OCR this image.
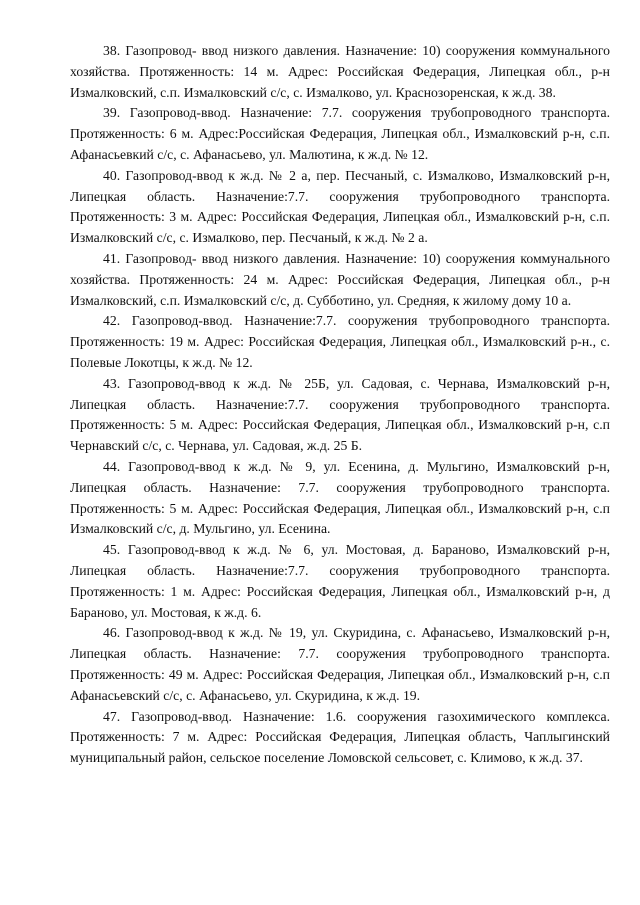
38. Газопровод- ввод низкого давления. Назначение: 10) сооружения коммунального хозяйства. Протяженность: 14 м. Адрес: Российская Федерация, Липецкая обл., р-н Измалковский, с.п. Измалковский с/с, с. Измалково, ул. Краснозоренская, к ж.д. 38.

39. Газопровод-ввод. Назначение: 7.7. сооружения трубопроводного транспорта. Протяженность: 6 м. Адрес:Российская Федерация, Липецкая обл., Измалковский р-н, с.п. Афанасьевкий с/с, с. Афанасьево, ул. Малютина, к ж.д. № 12.

40. Газопровод-ввод к ж.д. № 2 а, пер. Песчаный, с. Измалково, Измалковский р-н, Липецкая область. Назначение:7.7. сооружения трубопроводного транспорта. Протяженность: 3 м. Адрес: Российская Федерация, Липецкая обл., Измалковский р-н, с.п. Измалковский с/с, с. Измалково, пер. Песчаный, к ж.д. № 2 а.

41. Газопровод- ввод низкого давления. Назначение: 10) сооружения коммунального хозяйства. Протяженность: 24 м. Адрес: Российская Федерация, Липецкая обл., р-н Измалковский, с.п. Измалковский с/с, д. Субботино, ул. Средняя, к жилому дому 10 а.

42. Газопровод-ввод. Назначение:7.7. сооружения трубопроводного транспорта. Протяженность: 19 м. Адрес: Российская Федерация, Липецкая обл., Измалковский р-н., с. Полевые Локотцы, к ж.д. № 12.

43. Газопровод-ввод к ж.д. № 25Б, ул. Садовая, с. Чернава, Измалковский р-н, Липецкая область. Назначение:7.7. сооружения трубопроводного транспорта. Протяженность: 5 м. Адрес: Российская Федерация, Липецкая обл., Измалковский р-н, с.п Чернавский с/с, с. Чернава, ул. Садовая, ж.д. 25 Б.

44. Газопровод-ввод к ж.д. № 9, ул. Есенина, д. Мульгино, Измалковский р-н, Липецкая область. Назначение: 7.7. сооружения трубопроводного транспорта. Протяженность: 5 м. Адрес: Российская Федерация, Липецкая обл., Измалковский р-н, с.п Измалковский с/с, д. Мульгино, ул. Есенина.

45. Газопровод-ввод к ж.д. № 6, ул. Мостовая, д. Бараново, Измалковский р-н, Липецкая область. Назначение:7.7. сооружения трубопроводного транспорта. Протяженность: 1 м. Адрес: Российская Федерация, Липецкая обл., Измалковский р-н, д Бараново, ул. Мостовая, к ж.д. 6.

46. Газопровод-ввод к ж.д. № 19, ул. Скуридина, с. Афанасьево, Измалковский р-н, Липецкая область. Назначение: 7.7. сооружения трубопроводного транспорта. Протяженность: 49 м. Адрес: Российская Федерация, Липецкая обл., Измалковский р-н, с.п Афанасьевский с/с, с. Афанасьево, ул. Скуридина, к ж.д. 19.

47. Газопровод-ввод. Назначение: 1.6. сооружения газохимического комплекса. Протяженность: 7 м. Адрес: Российская Федерация, Липецкая область, Чаплыгинский муниципальный район, сельское поселение Ломовской сельсовет, с. Климово, к ж.д. 37.
